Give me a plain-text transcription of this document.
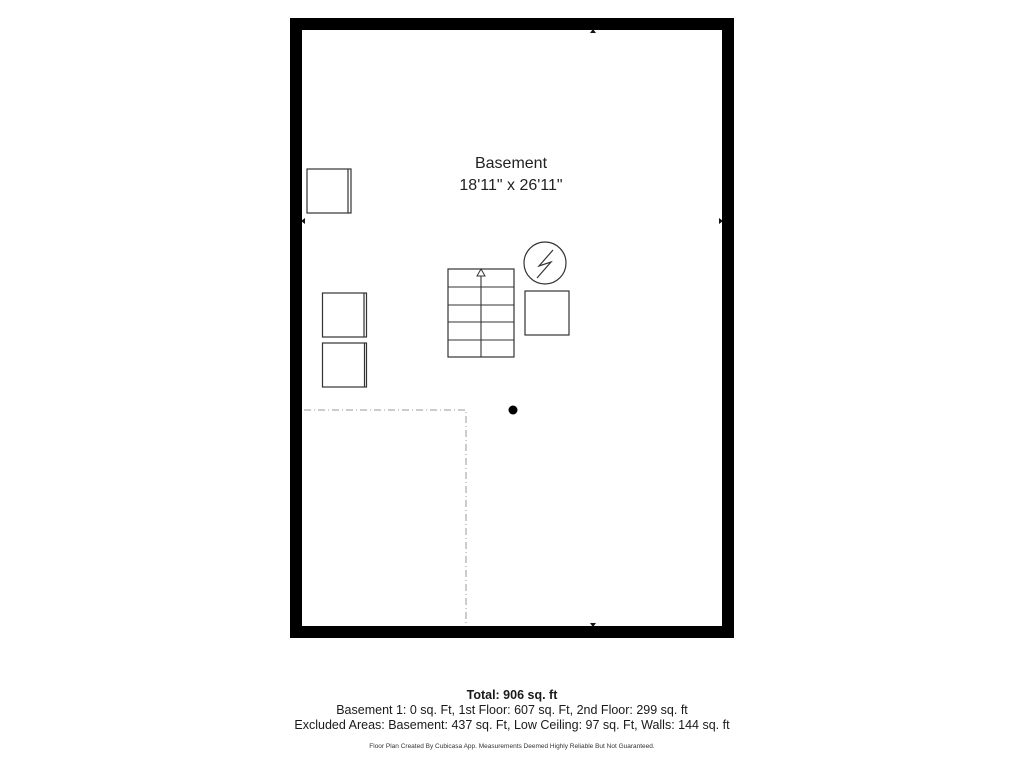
Basement
18'11" x 26'11"
Total: 906 sq. ft
Basement 1: 0 sq. Ft, 1st Floor: 607 sq. Ft, 2nd Floor: 299 sq. ft
Excluded Areas: Basement: 437 sq. Ft, Low Ceiling: 97 sq. Ft, Walls: 144 sq. ft
Floor Plan Created By Cubicasa App. Measurements Deemed Highly Reliable But Not Guaranteed.
